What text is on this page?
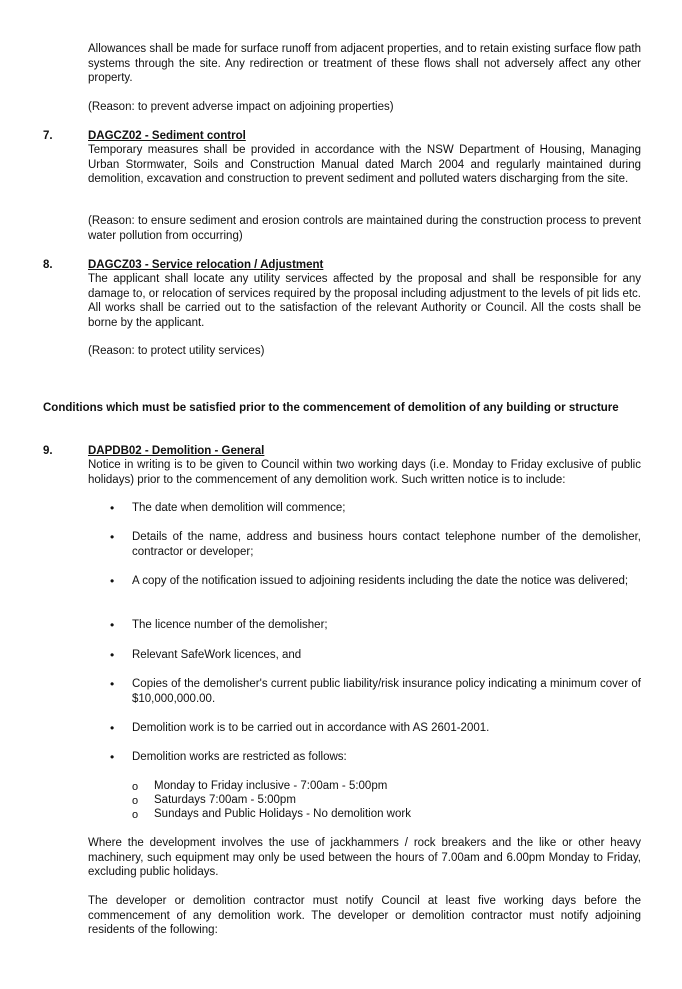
Allowances shall be made for surface runoff from adjacent properties, and to retain existing surface flow path systems through the site. Any redirection or treatment of these flows shall not adversely affect any other property.

(Reason: to prevent adverse impact on adjoining properties)

7.	DAGCZ02 - Sediment control

Temporary measures shall be provided in accordance with the NSW Department of Housing, Managing Urban Stormwater, Soils and Construction Manual dated March 2004 and regularly maintained during demolition, excavation and construction to prevent sediment and polluted waters discharging from the site.

(Reason: to ensure sediment and erosion controls are maintained during the construction process to prevent water pollution from occurring)

8.	DAGCZ03 - Service relocation / Adjustment

The applicant shall locate any utility services affected by the proposal and shall be responsible for any damage to, or relocation of services required by the proposal including adjustment to the levels of pit lids etc. All works shall be carried out to the satisfaction of the relevant Authority or Council. All the costs shall be borne by the applicant.

(Reason: to protect utility services)

Conditions which must be satisfied prior to the commencement of demolition of any building or structure

9.	DAPDB02 - Demolition - General

Notice in writing is to be given to Council within two working days (i.e. Monday to Friday exclusive of public holidays) prior to the commencement of any demolition work. Such written notice is to include:

• The date when demolition will commence;

• Details of the name, address and business hours contact telephone number of the demolisher, contractor or developer;

• A copy of the notification issued to adjoining residents including the date the notice was delivered;

• The licence number of the demolisher;

• Relevant SafeWork licences, and

• Copies of the demolisher's current public liability/risk insurance policy indicating a minimum cover of $10,000,000.00.

• Demolition work is to be carried out in accordance with AS 2601-2001.

• Demolition works are restricted as follows:

o Monday to Friday inclusive - 7:00am - 5:00pm
o Saturdays 7:00am - 5:00pm
o Sundays and Public Holidays - No demolition work

Where the development involves the use of jackhammers / rock breakers and the like or other heavy machinery, such equipment may only be used between the hours of 7.00am and 6.00pm Monday to Friday, excluding public holidays.

The developer or demolition contractor must notify Council at least five working days before the commencement of any demolition work. The developer or demolition contractor must notify adjoining residents of the following:
